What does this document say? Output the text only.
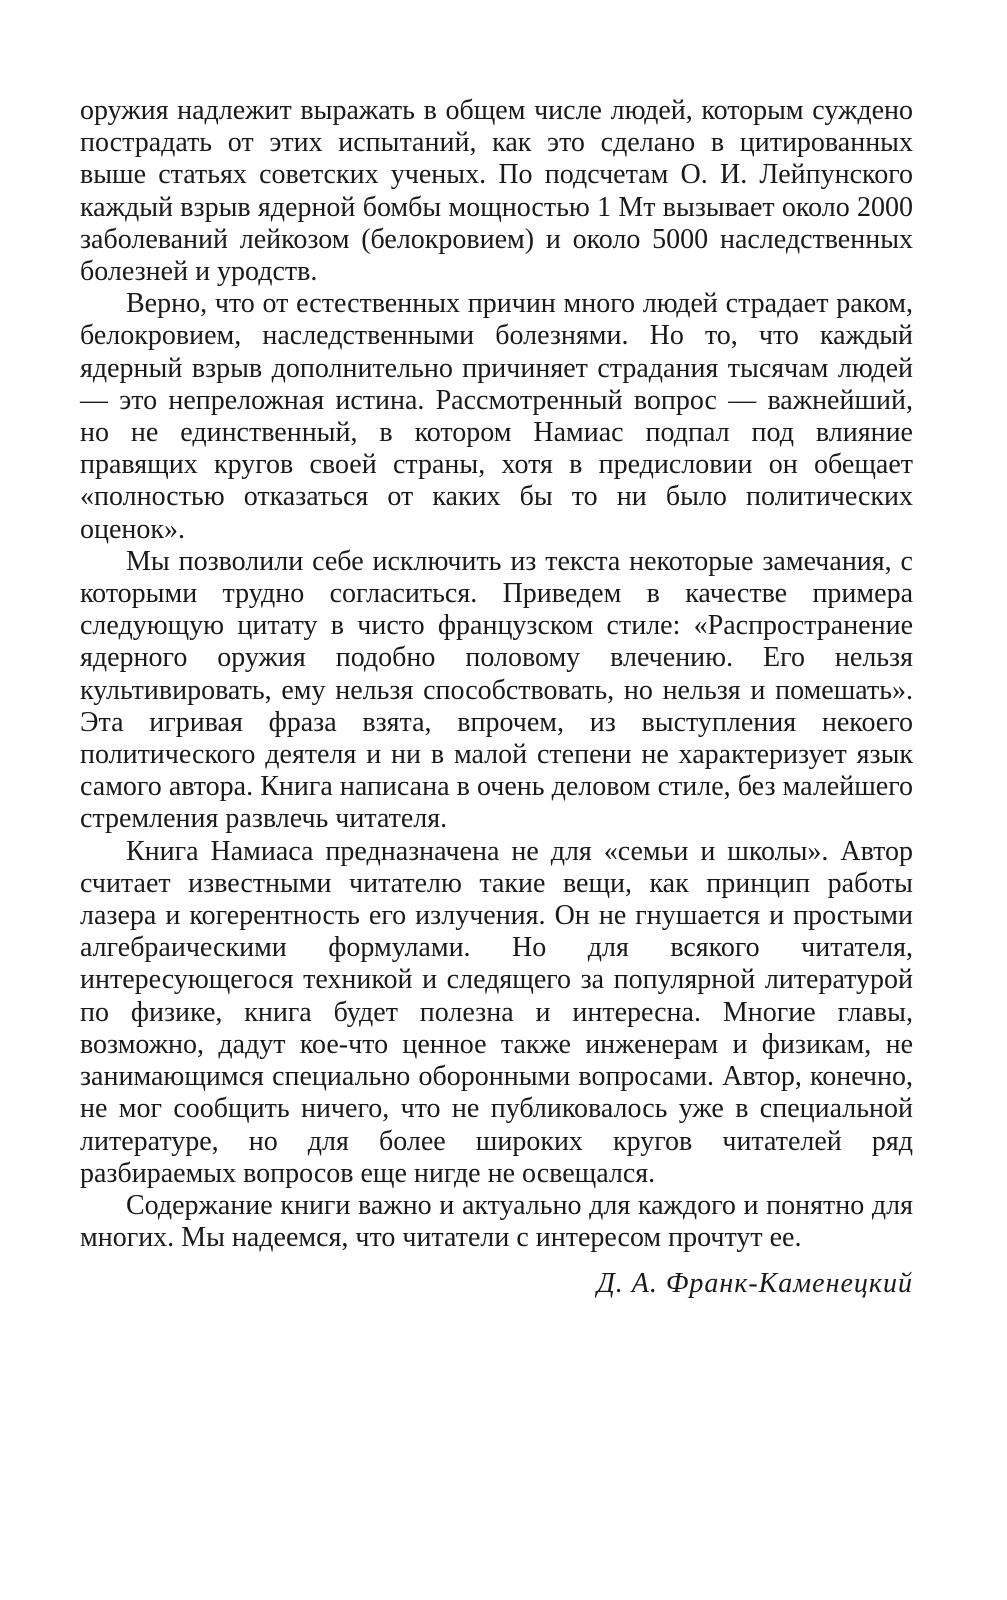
оружия надлежит выражать в общем числе людей, которым суждено пострадать от этих испытаний, как это сделано в цитированных выше статьях советских ученых. По подсчетам О. И. Лейпунского каждый взрыв ядерной бомбы мощностью 1 Мт вызывает около 2000 заболеваний лейкозом (белокровием) и около 5000 наследственных болезней и уродств.

Верно, что от естественных причин много людей страдает раком, белокровием, наследственными болезнями. Но то, что каждый ядерный взрыв дополнительно причиняет страдания тысячам людей — это непреложная истина. Рассмотренный вопрос — важнейший, но не единственный, в котором Намиас подпал под влияние правящих кругов своей страны, хотя в предисловии он обещает «полностью отказаться от каких бы то ни было политических оценок».

Мы позволили себе исключить из текста некоторые замечания, с которыми трудно согласиться. Приведем в качестве примера следующую цитату в чисто французском стиле: «Распространение ядерного оружия подобно половому влечению. Его нельзя культивировать, ему нельзя способствовать, но нельзя и помешать». Эта игривая фраза взята, впрочем, из выступления некоего политического деятеля и ни в малой степени не характеризует язык самого автора. Книга написана в очень деловом стиле, без малейшего стремления развлечь читателя.

Книга Намиаса предназначена не для «семьи и школы». Автор считает известными читателю такие вещи, как принцип работы лазера и когерентность его излучения. Он не гнушается и простыми алгебраическими формулами. Но для всякого читателя, интересующегося техникой и следящего за популярной литературой по физике, книга будет полезна и интересна. Многие главы, возможно, дадут кое-что ценное также инженерам и физикам, не занимающимся специально оборонными вопросами. Автор, конечно, не мог сообщить ничего, что не публиковалось уже в специальной литературе, но для более широких кругов читателей ряд разбираемых вопросов еще нигде не освещался.

Содержание книги важно и актуально для каждого и понятно для многих. Мы надеемся, что читатели с интересом прочтут ее.

Д. А. Франк-Каменецкий
